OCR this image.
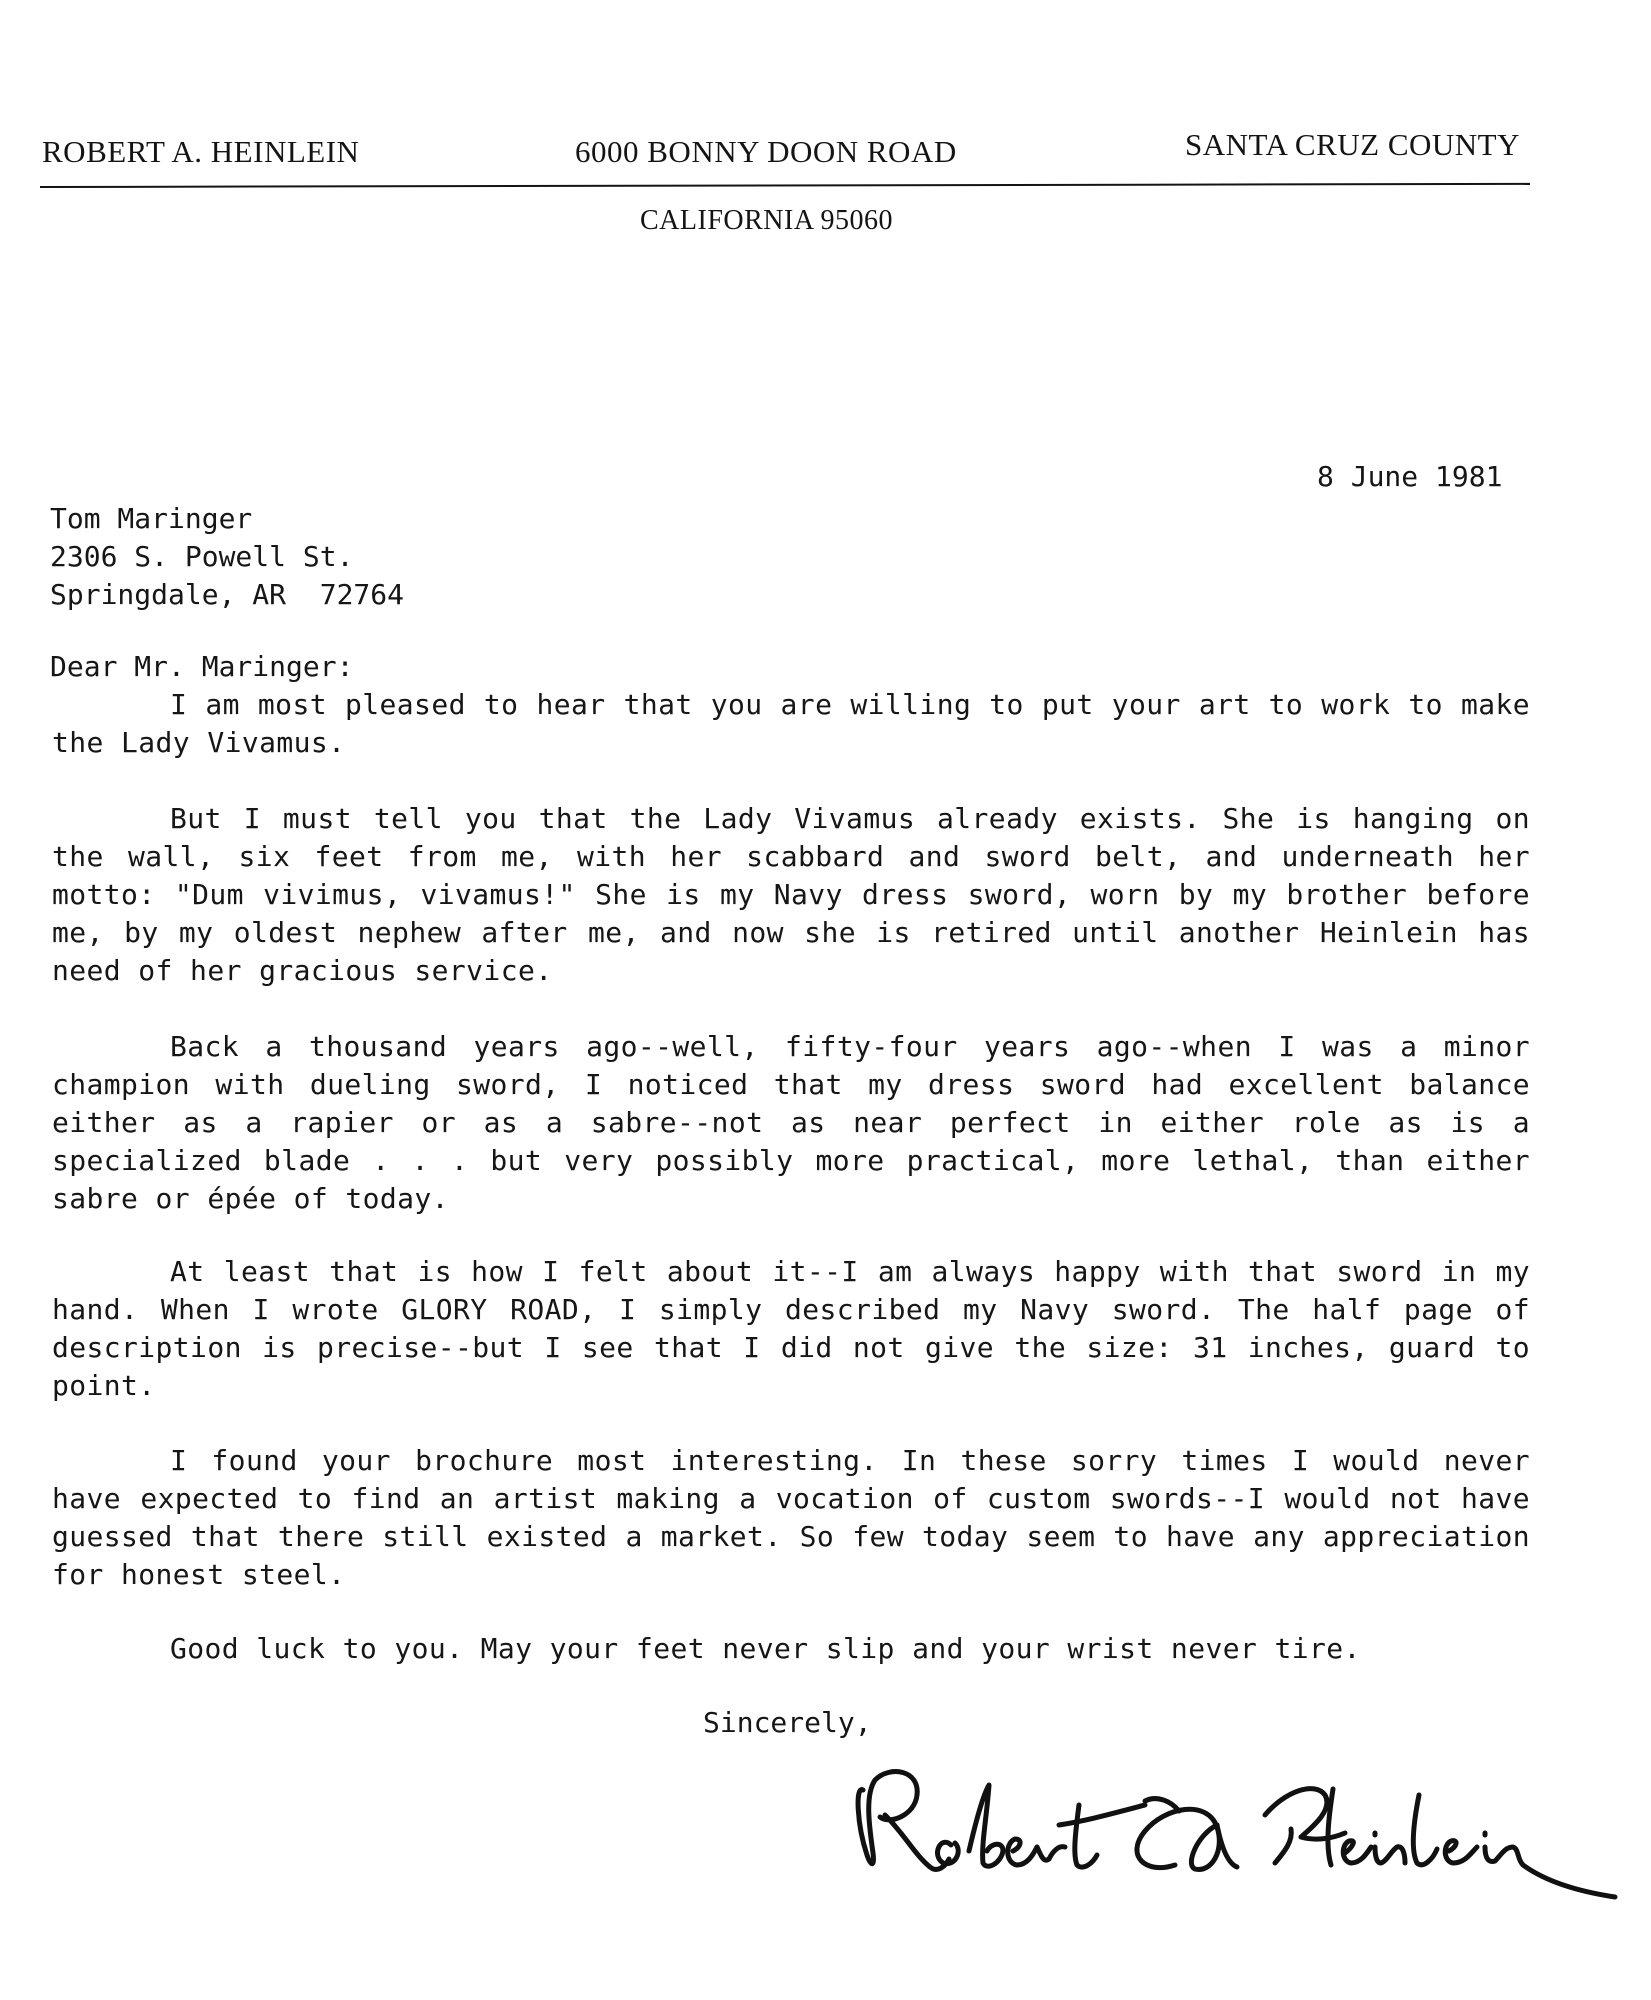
ROBERT A. HEINLEIN	6000 BONNY DOON ROAD	SANTA CRUZ COUNTY
CALIFORNIA 95060
8 June 1981
Tom Maringer
2306 S. Powell St.
Springdale, AR  72764
Dear Mr. Maringer:
I am most pleased to hear that you are willing to put your art to work to make the Lady Vivamus.
But I must tell you that the Lady Vivamus already exists. She is hanging on the wall, six feet from me, with her scabbard and sword belt, and underneath her motto: "Dum vivimus, vivamus!" She is my Navy dress sword, worn by my brother before me, by my oldest nephew after me, and now she is retired until another Heinlein has need of her gracious service.
Back a thousand years ago--well, fifty-four years ago--when I was a minor champion with dueling sword, I noticed that my dress sword had excellent balance either as a rapier or as a sabre--not as near perfect in either role as is a specialized blade . . . but very possibly more practical, more lethal, than either sabre or épée of today.
At least that is how I felt about it--I am always happy with that sword in my hand. When I wrote GLORY ROAD, I simply described my Navy sword. The half page of description is precise--but I see that I did not give the size: 31 inches, guard to point.
I found your brochure most interesting. In these sorry times I would never have expected to find an artist making a vocation of custom swords--I would not have guessed that there still existed a market. So few today seem to have any appreciation for honest steel.
Good luck to you. May your feet never slip and your wrist never tire.
Sincerely,
